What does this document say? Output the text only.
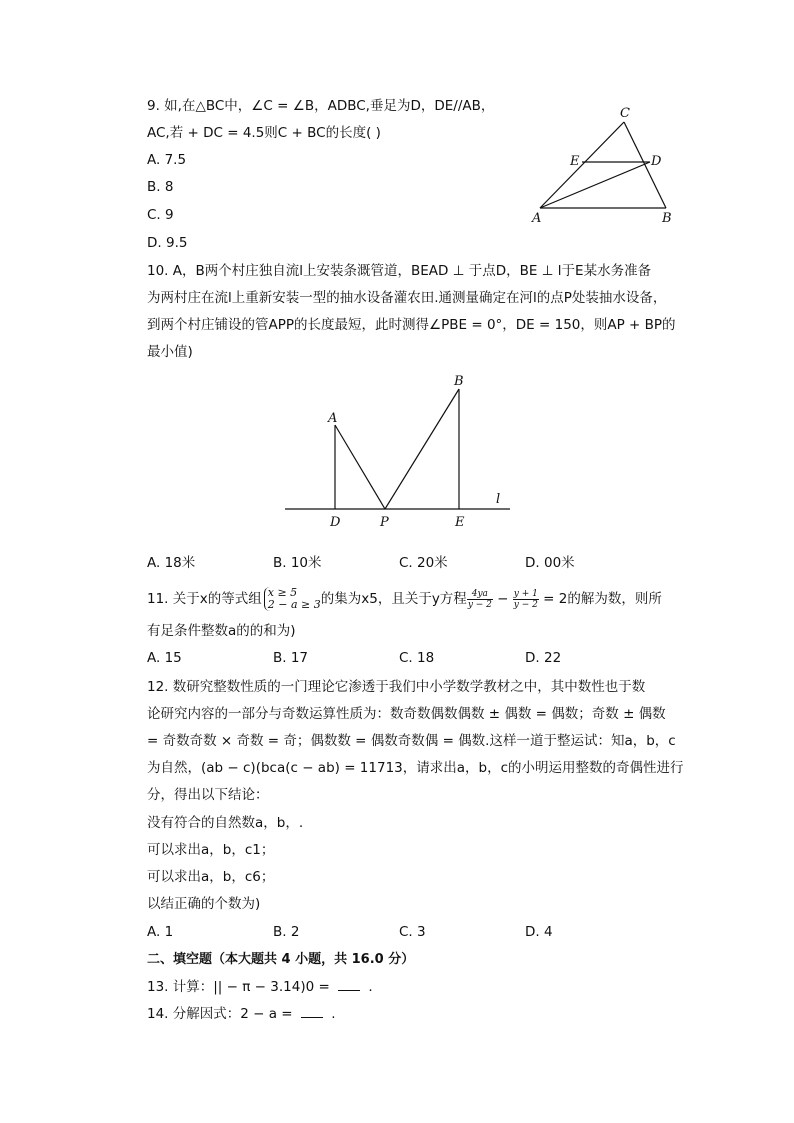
9. 如,在△BC中，∠C = ∠B，ADBC,垂足为D，DE//AB，
AC,若 + DC = 4.5则C + BC的长度( )
A. 7.5
B. 8
C. 9
D. 9.5
C
E	D
A	B
10. A，B两个村庄独自流l上安装条溉管道，BEAD ⊥ 于点D，BE ⊥ l于E某水务准备
为两村庄在流l上重新安装一型的抽水设备灌农田.通测量确定在河l的点P处装抽水设备，
到两个村庄铺设的管APP的长度最短，此时测得∠PBE = 0°，DE = 150，则AP + BP的
最小值)
A
B
D	P	E
l
A. 18米	B. 10米	C. 20米	D. 00米
11. 关于x的等式组 x ≥ 5
2 − a ≥ 3 的集为x5，且关于y方程 $\frac{4ya}{y - 2} - \frac{y + 1}{y - 2} = 2$的解为数，则所
有足条件整数a的的和为)
A. 15	B. 17	C. 18	D. 22
12. 数研究整数性质的一门理论它渗透于我们中小学数学教材之中，其中数性也于数
论研究内容的一部分与奇数运算性质为：数奇数偶数偶数 ± 偶数 = 偶数；奇数 ± 偶数
= 奇数奇数 × 奇数 = 奇；偶数数 = 偶数奇数偶 = 偶数.这样一道于整运试：知a，b，c
为自然，(ab − c)(bca(c − ab) = 11713，请求出a，b，c的小明运用整数的奇偶性进行
分，得出以下结论：
没有符合的自然数a，b，.
可以求出a，b，c1；
可以求出a，b，c6；
以结正确的个数为)
A. 1	B. 2	C. 3	D. 4
二、填空题（本大题共 4 小题，共 16.0 分）
13. 计算：|| − π − 3.14)0 =  .
14. 分解因式：2 − a =  .
